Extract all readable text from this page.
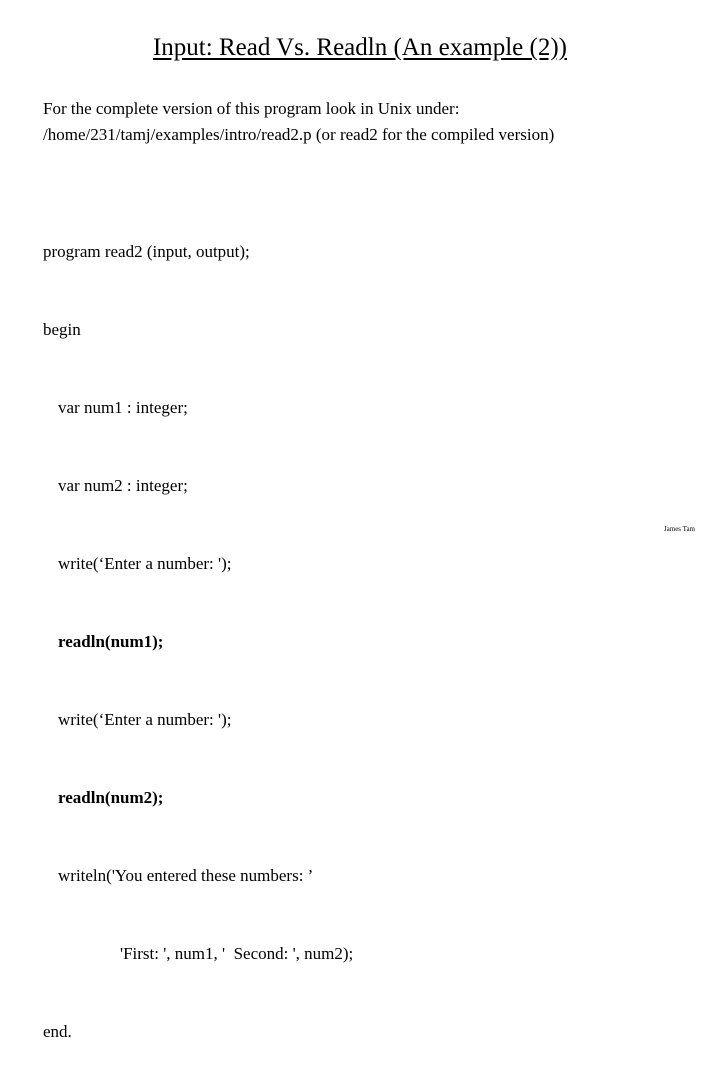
Input: Read Vs. Readln (An example (2))
For the complete version of this program look in Unix under:
/home/231/tamj/examples/intro/read2.p (or read2 for the compiled version)

program read2 (input, output);

begin

var num1 : integer;

var num2 : integer;

write(‘Enter a number: ');

readln(num1);

write(‘Enter a number: ');

readln(num2);

writeln('You entered these numbers: ’

'First: ', num1, '  Second: ', num2);

end.

James Tam
